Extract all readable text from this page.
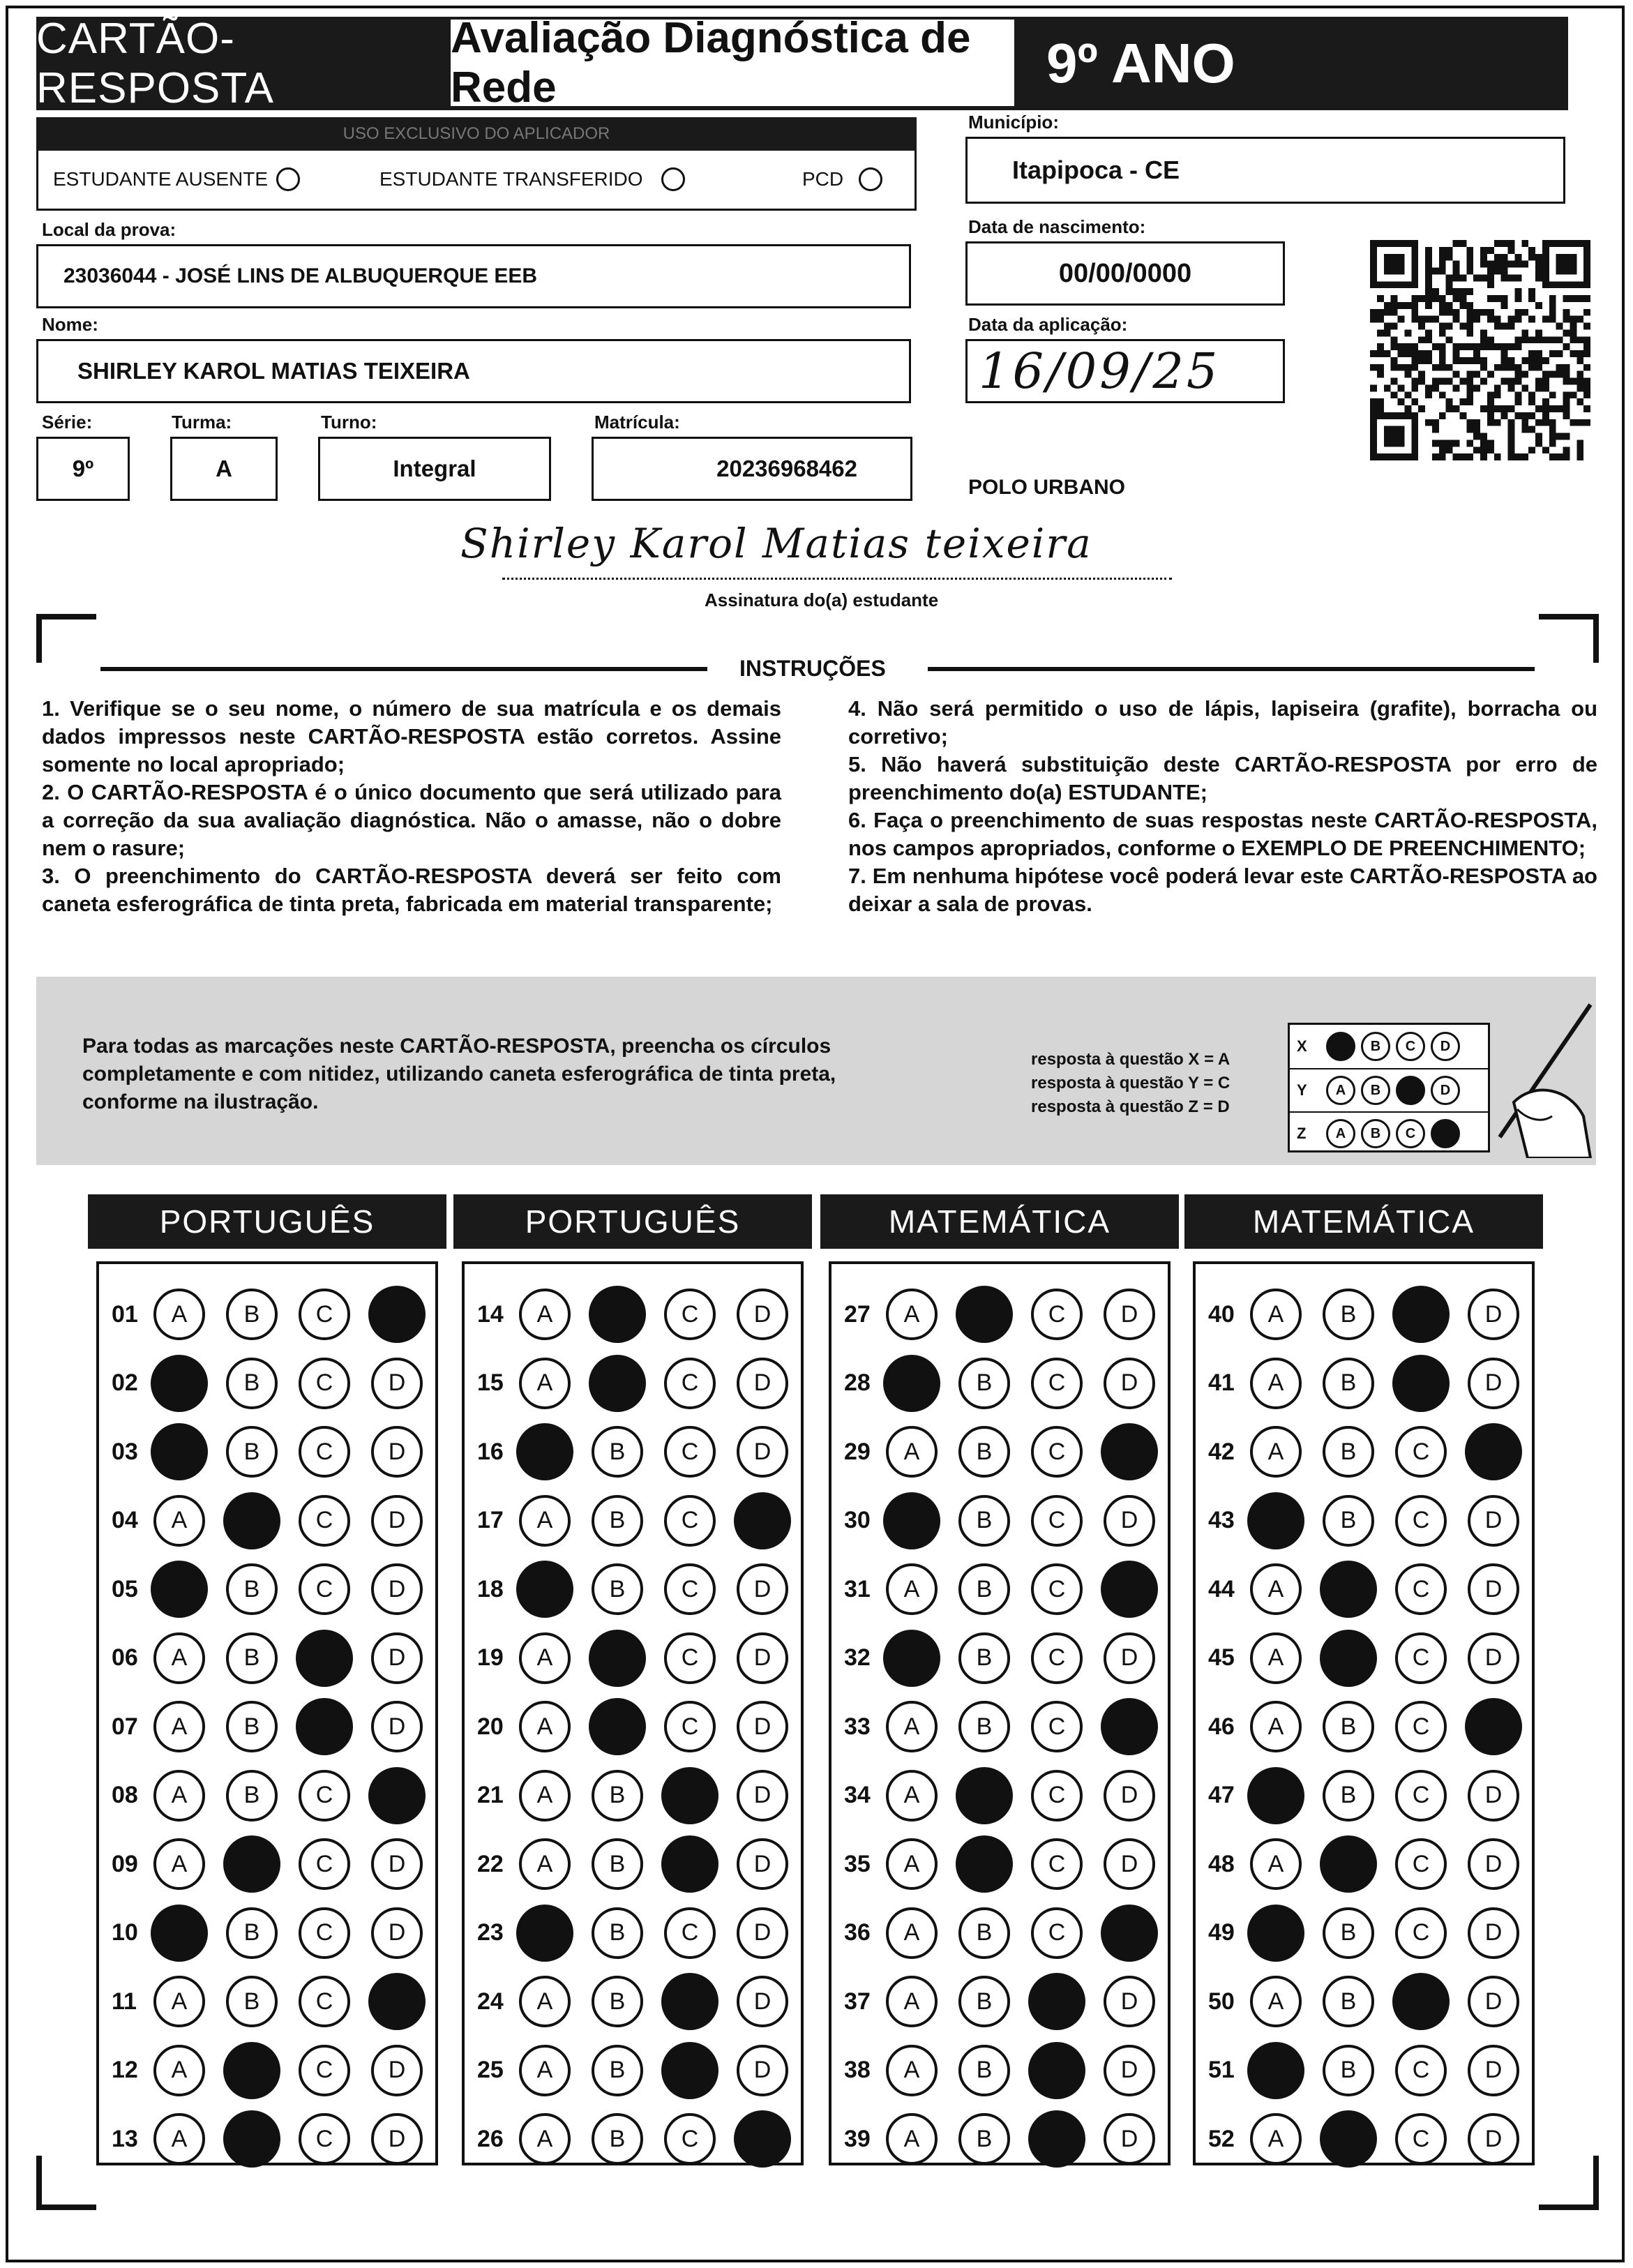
CARTÃO-RESPOSTA
Avaliação Diagnóstica de Rede	9º ANO
USO EXCLUSIVO DO APLICADOR
ESTUDANTE AUSENTE	ESTUDANTE TRANSFERIDO	PCD
Local da prova:
23036044 - JOSÉ LINS DE ALBUQUERQUE EEB
Nome:
SHIRLEY KAROL MATIAS TEIXEIRA
Série:
9º
Turma:
A
Turno:
Integral
Matrícula:
20236968462
Município:
Itapipoca - CE
Data de nascimento:
00/00/0000
Data da aplicação:
16/09/25
POLO URBANO
Shirley Karol Matias teixeira
Assinatura do(a) estudante
INSTRUÇÕES

1. Verifique se o seu nome, o número de sua matrícula e os demais dados impressos neste CARTÃO-RESPOSTA estão corretos. Assine somente no local apropriado;

2. O CARTÃO-RESPOSTA é o único documento que será utilizado para a correção da sua avaliação diagnóstica. Não o amasse, não o dobre nem o rasure;

3. O preenchimento do CARTÃO-RESPOSTA deverá ser feito com caneta esferográfica de tinta preta, fabricada em material transparente;

4. Não será permitido o uso de lápis, lapiseira (grafite), borracha ou corretivo;

5. Não haverá substituição deste CARTÃO-RESPOSTA por erro de preenchimento do(a) ESTUDANTE;

6. Faça o preenchimento de suas respostas neste CARTÃO-RESPOSTA, nos campos apropriados, conforme o EXEMPLO DE PREENCHIMENTO;

7. Em nenhuma hipótese você poderá levar este CARTÃO-RESPOSTA ao deixar a sala de provas.

Para todas as marcações neste CARTÃO-RESPOSTA, preencha os círculos completamente e com nitidez, utilizando caneta esferográfica de tinta preta, conforme na ilustração.
resposta à questão X = A
resposta à questão Y = C
resposta à questão Z = D
X	B	C	D
Y	A	B	D
Z	A	B	C
PORTUGUÊS
01	A	B	C	D
02	A	B	C	D
03	A	B	C	D
04	A	B	C	D
05	A	B	C	D
06	A	B	C	D
07	A	B	C	D
08	A	B	C	D
09	A	B	C	D
10	A	B	C	D
11	A	B	C	D
12	A	B	C	D
13	A	B	C	D
PORTUGUÊS
14	A	B	C	D
15	A	B	C	D
16	A	B	C	D
17	A	B	C	D
18	A	B	C	D
19	A	B	C	D
20	A	B	C	D
21	A	B	C	D
22	A	B	C	D
23	A	B	C	D
24	A	B	C	D
25	A	B	C	D
26	A	B	C	D
MATEMÁTICA
27	A	B	C	D
28	A	B	C	D
29	A	B	C	D
30	A	B	C	D
31	A	B	C	D
32	A	B	C	D
33	A	B	C	D
34	A	B	C	D
35	A	B	C	D
36	A	B	C	D
37	A	B	C	D
38	A	B	C	D
39	A	B	C	D
MATEMÁTICA
40	A	B	C	D
41	A	B	C	D
42	A	B	C	D
43	A	B	C	D
44	A	B	C	D
45	A	B	C	D
46	A	B	C	D
47	A	B	C	D
48	A	B	C	D
49	A	B	C	D
50	A	B	C	D
51	A	B	C	D
52	A	B	C	D
